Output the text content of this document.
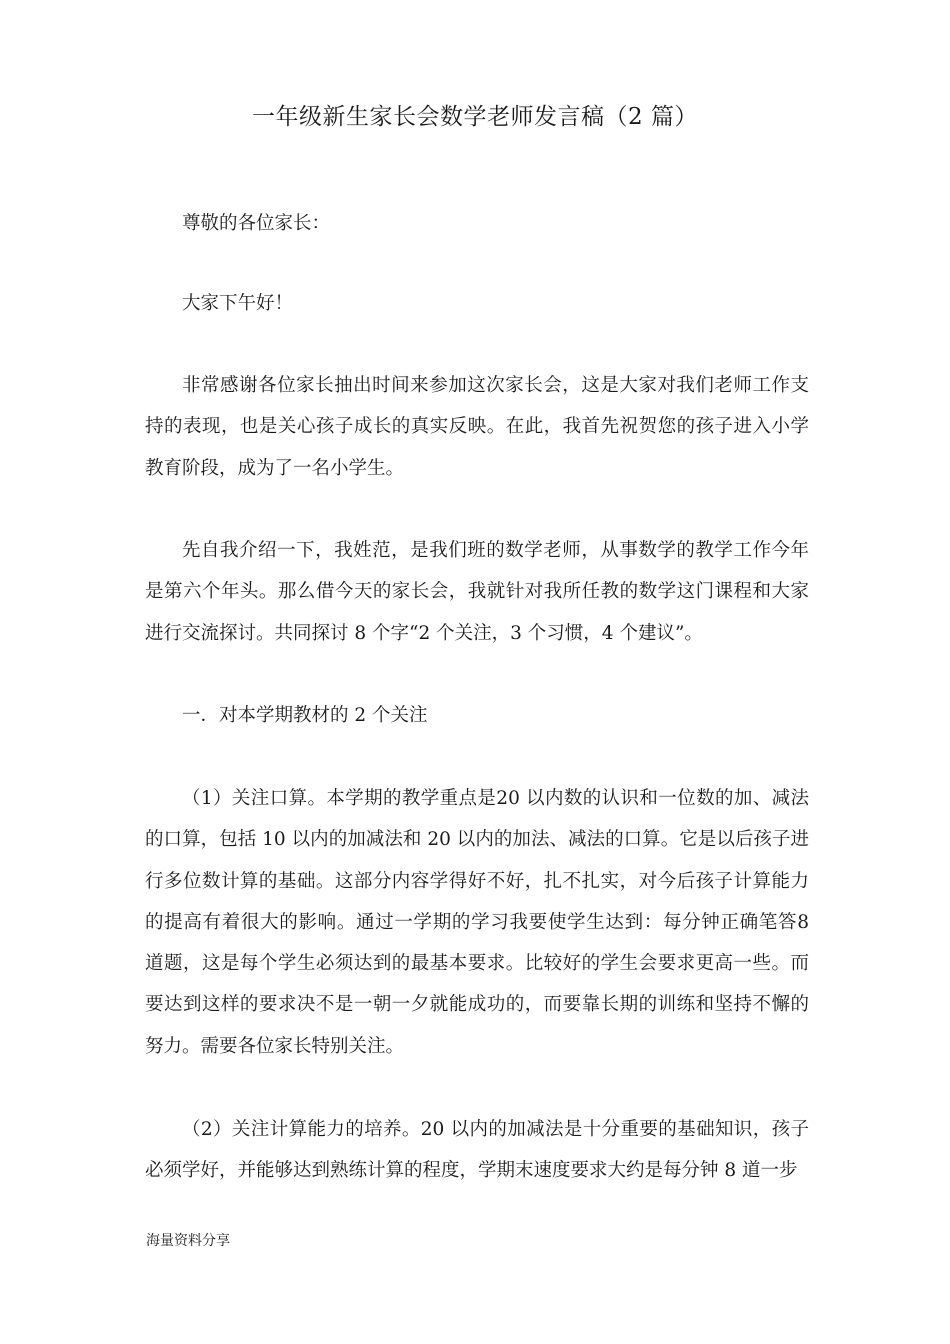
一年级新生家长会数学老师发言稿（2 篇）
尊敬的各位家长：
大家下午好！
非常感谢各位家长抽出时间来参加这次家长会，这是大家对我们老师工作支持的表现，也是关心孩子成长的真实反映。在此，我首先祝贺您的孩子进入小学教育阶段，成为了一名小学生。
先自我介绍一下，我姓范，是我们班的数学老师，从事数学的教学工作今年是第六个年头。那么借今天的家长会，我就针对我所任教的数学这门课程和大家进行交流探讨。共同探讨 8 个字“2 个关注，3 个习惯，4 个建议”。
一．对本学期教材的 2 个关注
（1）关注口算。本学期的教学重点是20 以内数的认识和一位数的加、减法的口算，包括 10 以内的加减法和 20 以内的加法、减法的口算。它是以后孩子进行多位数计算的基础。这部分内容学得好不好，扎不扎实，对今后孩子计算能力的提高有着很大的影响。通过一学期的学习我要使学生达到：每分钟正确笔答8 道题，这是每个学生必须达到的最基本要求。比较好的学生会要求更高一些。而要达到这样的要求决不是一朝一夕就能成功的，而要靠长期的训练和坚持不懈的努力。需要各位家长特别关注。
（2）关注计算能力的培养。20 以内的加减法是十分重要的基础知识，孩子必须学好，并能够达到熟练计算的程度，学期末速度要求大约是每分钟 8 道一步
海量资料分享
